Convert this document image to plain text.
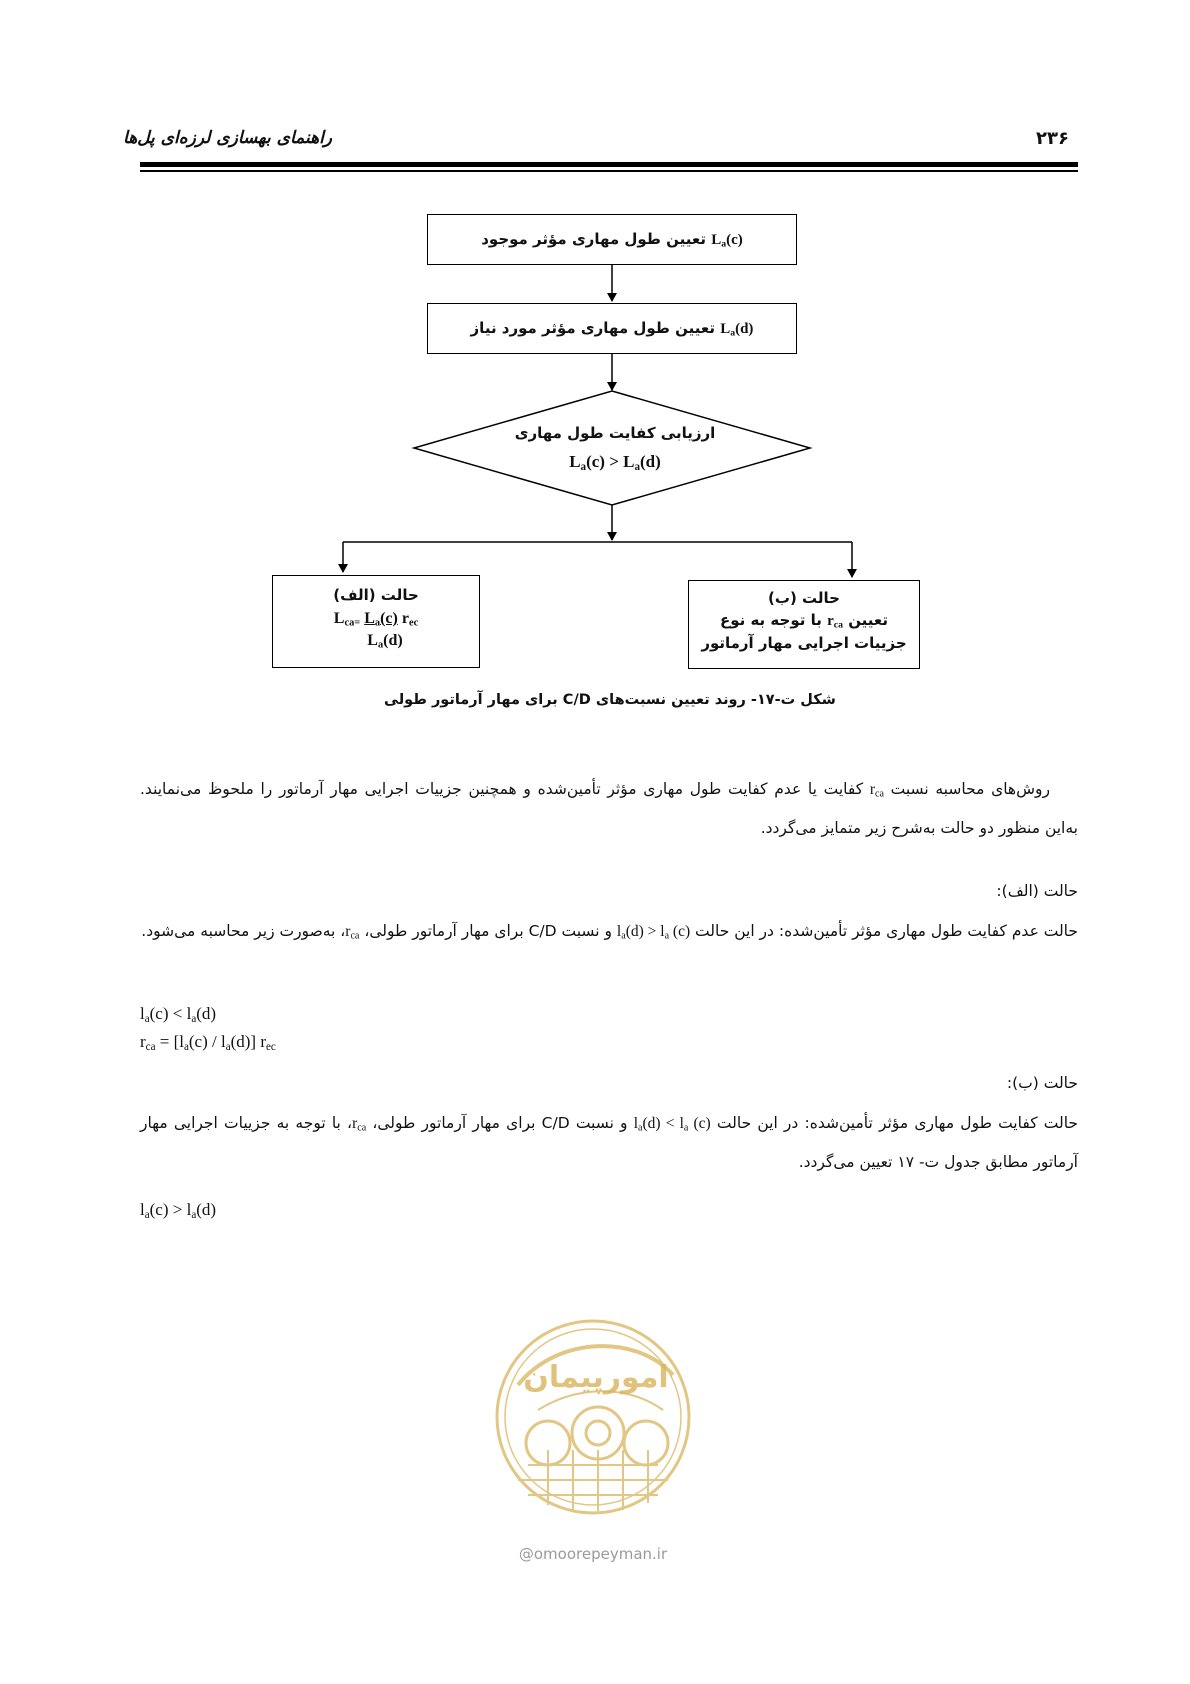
راهنمای بهسازی لرزه‌ای پل‌ها	۲۳۶
تعیین طول مهاری مؤثر موجود $L_a(c)$
تعیین طول مهاری مؤثر مورد نیاز $L_a(d)$
ارزیابی کفایت طول مهاری
$L_a(c) > L_a(d)$
حالت (الف)
$L_{ca=}$ $L_a(c)$ $r_{ec}$
$L_a(d)$
حالت (ب)
تعیین $r_{ca}$ با توجه به نوع
جزییات اجرایی مهار آرماتور
شکل ت-۱۷- روند تعیین نسبت‌های C/D برای مهار آرماتور طولی
روش‌های محاسبه نسبت $r_{ca}$ کفایت یا عدم کفایت طول مهاری مؤثر تأمین‌شده و همچنین جزییات اجرایی مهار آرماتور را ملحوظ می‌نمایند. به‌این منظور دو حالت به‌شرح زیر متمایز می‌گردد.
حالت (الف):
حالت عدم کفایت طول مهاری مؤثر تأمین‌شده: در این حالت $l_a(d) > l_a$ (c) و نسبت C/D برای مهار آرماتور طولی، $r_{ca}،$ به‌صورت زیر محاسبه می‌شود.
$l_a(c) < l_a(d)$
$r_{ca} = [l_a(c) / l_a(d)]$ $r_{ec}$
حالت (ب):
حالت کفایت طول مهاری مؤثر تأمین‌شده: در این حالت $l_a(d) < l_a$ (c) و نسبت C/D برای مهار آرماتور طولی، $r_{ca}،$ با توجه به جزییات اجرایی مهار آرماتور مطابق جدول ت- ۱۷ تعیین می‌گردد.
$l_a(c) > l_a(d)$
امورپیمان
@omoorepeyman.ir
